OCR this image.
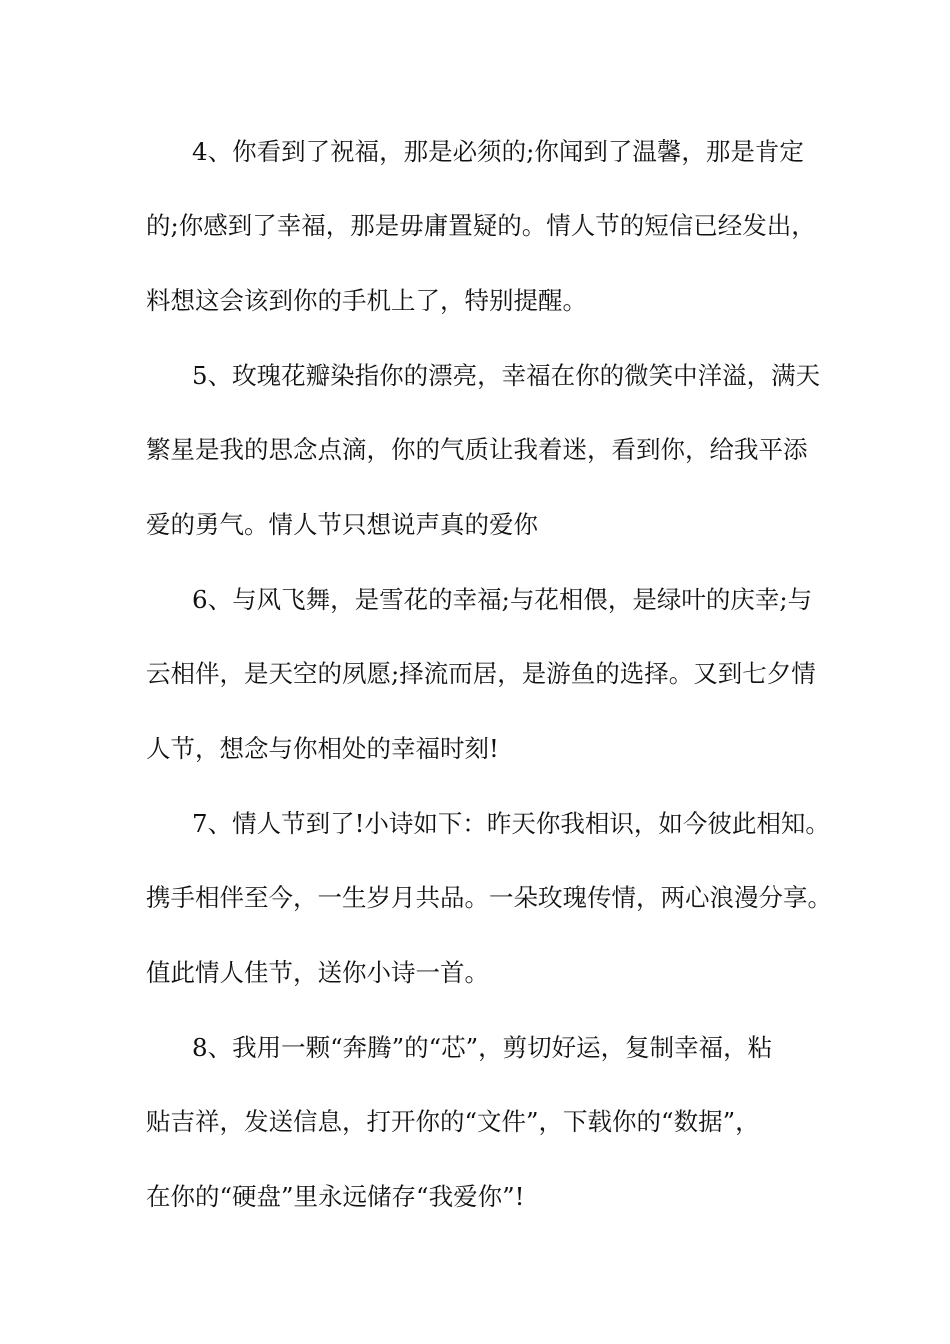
4、你看到了祝福，那是必须的;你闻到了温馨，那是肯定
的;你感到了幸福，那是毋庸置疑的。情人节的短信已经发出，
料想这会该到你的手机上了，特别提醒。
5、玫瑰花瓣染指你的漂亮，幸福在你的微笑中洋溢，满天
繁星是我的思念点滴，你的气质让我着迷，看到你，给我平添
爱的勇气。情人节只想说声真的爱你
6、与风飞舞，是雪花的幸福;与花相偎，是绿叶的庆幸;与
云相伴，是天空的夙愿;择流而居，是游鱼的选择。又到七夕情
人节，想念与你相处的幸福时刻!
7、情人节到了!小诗如下：昨天你我相识，如今彼此相知。
携手相伴至今，一生岁月共品。一朵玫瑰传情，两心浪漫分享。
值此情人佳节，送你小诗一首。
8、我用一颗“奔腾”的“芯”，剪切好运，复制幸福，粘
贴吉祥，发送信息，打开你的“文件”，下载你的“数据”，
在你的“硬盘”里永远储存“我爱你”!
